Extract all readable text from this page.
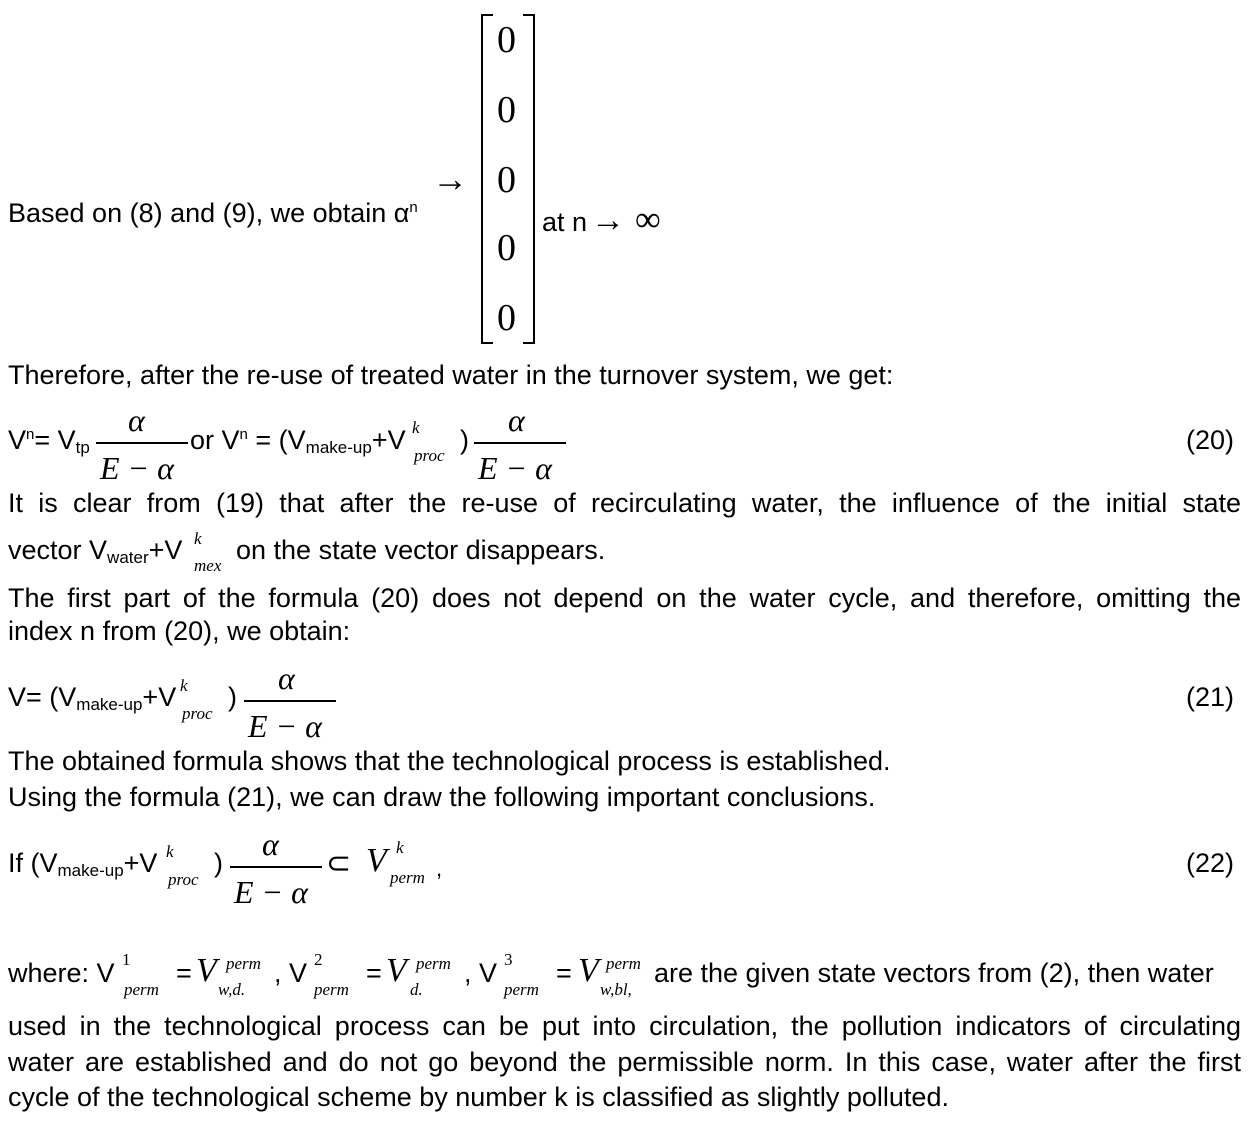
Based on (8) and (9), we obtain $\alpha^n$
→
0
0
0
0
0
at n → ∞
Therefore, after the re-use of treated water in the turnover system, we get:
$V^n= V_{tp}$
α
E − α
or $V^n = (V_{make-up}+V$ k
proc
)
α
E − α
(20)
It is clear from (19) that after the re-use of recirculating water, the influence of the initial state
vector $V_{water}+V$ k
mex
on the state vector disappears.
The first part of the formula (20) does not depend on the water cycle, and therefore, omitting the
index n from (20), we obtain:
$V= (V_{make-up}+V$ k
proc
)
α
E − α
(21)
The obtained formula shows that the technological process is established.
Using the formula (21), we can draw the following important conclusions.
If ($V_{make-up}+V$ k
proc
)
α
E − α
⊂ V k
perm ,	(22)
where: V 1
perm
= V perm
w,d.
, V 2
perm
= V perm
d.
, V 3
perm
= V perm
w,bl,
are the given state vectors from (2), then water
used in the technological process can be put into circulation, the pollution indicators of circulating
water are established and do not go beyond the permissible norm. In this case, water after the first
cycle of the technological scheme by number k is classified as slightly polluted.
